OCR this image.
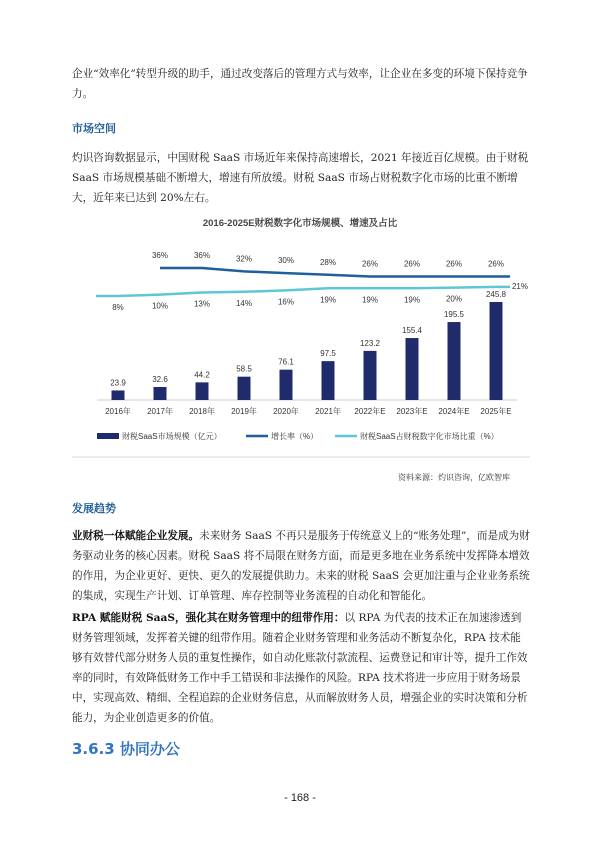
企业“效率化”转型升级的助手，通过改变落后的管理方式与效率，让企业在多变的环境下保持竞争力。

市场空间

灼识咨询数据显示，中国财税 SaaS 市场近年来保持高速增长，2021 年接近百亿规模。由于财税 SaaS 市场规模基础不断增大，增速有所放缓。财税 SaaS 市场占财税数字化市场的比重不断增大，近年来已达到 20%左右。

2016-2025E财税数字化市场规模、增速及占比
23.9	32.6
44.2
58.5
76.1
97.5
123.2
155.4
195.5
245.8
2016年 2017年 2018年 2019年 2020年 2021年 2022年E 2023年E 2024年E 2025年E
36%	36%	32%	30%	28%	26%	26%	26%	26%
8%	10%	13%	14%	16%	19%	19%	19%	20%
21%
财税SaaS市场规模（亿元）	增长率（%）	财税SaaS占财税数字化市场比重（%）

资料来源：灼识咨询，亿欧智库

发展趋势

业财税一体赋能企业发展。未来财务 SaaS 不再只是服务于传统意义上的“账务处理”，而是成为财务驱动业务的核心因素。财税 SaaS 将不局限在财务方面，而是更多地在业务系统中发挥降本增效的作用，为企业更好、更快、更久的发展提供助力。未来的财税 SaaS 会更加注重与企业业务系统的集成，实现生产计划、订单管理、库存控制等业务流程的自动化和智能化。

RPA 赋能财税 SaaS，强化其在财务管理中的纽带作用：以 RPA 为代表的技术正在加速渗透到财务管理领域，发挥着关键的纽带作用。随着企业财务管理和业务活动不断复杂化，RPA 技术能够有效替代部分财务人员的重复性操作，如自动化账款付款流程、运费登记和审计等，提升工作效率的同时，有效降低财务工作中手工错误和非法操作的风险。RPA 技术将进一步应用于财务场景中，实现高效、精细、全程追踪的企业财务信息，从而解放财务人员，增强企业的实时决策和分析能力，为企业创造更多的价值。

3.6.3 协同办公

- 168 -
